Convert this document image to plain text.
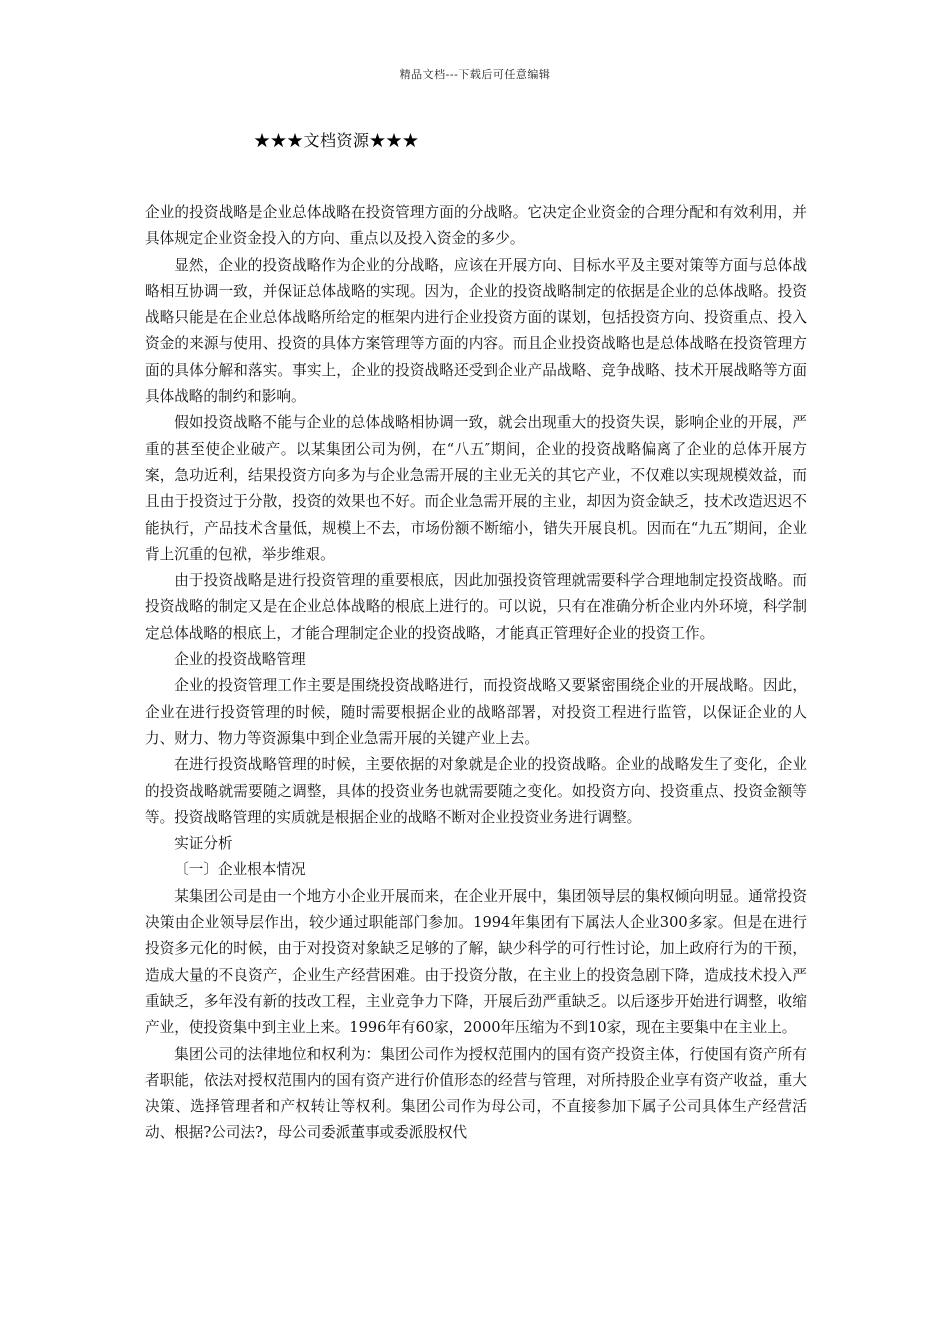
精品文档---下载后可任意编辑
★★★文档资源★★★

企业的投资战略是企业总体战略在投资管理方面的分战略。它决定企业资金的合理分配和有效利用，并具体规定企业资金投入的方向、重点以及投入资金的多少。

显然，企业的投资战略作为企业的分战略，应该在开展方向、目标水平及主要对策等方面与总体战略相互协调一致，并保证总体战略的实现。因为，企业的投资战略制定的依据是企业的总体战略。投资战略只能是在企业总体战略所给定的框架内进行企业投资方面的谋划，包括投资方向、投资重点、投入资金的来源与使用、投资的具体方案管理等方面的内容。而且企业投资战略也是总体战略在投资管理方面的具体分解和落实。事实上，企业的投资战略还受到企业产品战略、竞争战略、技术开展战略等方面具体战略的制约和影响。

假如投资战略不能与企业的总体战略相协调一致，就会出现重大的投资失误，影响企业的开展，严重的甚至使企业破产。以某集团公司为例，在“八五″期间，企业的投资战略偏离了企业的总体开展方案，急功近利，结果投资方向多为与企业急需开展的主业无关的其它产业，不仅难以实现规模效益，而且由于投资过于分散，投资的效果也不好。而企业急需开展的主业，却因为资金缺乏，技术改造迟迟不能执行，产品技术含量低，规模上不去，市场份额不断缩小，错失开展良机。因而在“九五″期间，企业背上沉重的包袱，举步维艰。

由于投资战略是进行投资管理的重要根底，因此加强投资管理就需要科学合理地制定投资战略。而投资战略的制定又是在企业总体战略的根底上进行的。可以说，只有在准确分析企业内外环境，科学制定总体战略的根底上，才能合理制定企业的投资战略，才能真正管理好企业的投资工作。

企业的投资战略管理

企业的投资管理工作主要是围绕投资战略进行，而投资战略又要紧密围绕企业的开展战略。因此，企业在进行投资管理的时候，随时需要根据企业的战略部署，对投资工程进行监管，以保证企业的人力、财力、物力等资源集中到企业急需开展的关键产业上去。

在进行投资战略管理的时候，主要依据的对象就是企业的投资战略。企业的战略发生了变化，企业的投资战略就需要随之调整，具体的投资业务也就需要随之变化。如投资方向、投资重点、投资金额等等。投资战略管理的实质就是根据企业的战略不断对企业投资业务进行调整。

实证分析

〔一〕企业根本情况

某集团公司是由一个地方小企业开展而来，在企业开展中，集团领导层的集权倾向明显。通常投资决策由企业领导层作出，较少通过职能部门参加。1994年集团有下属法人企业300多家。但是在进行投资多元化的时候，由于对投资对象缺乏足够的了解，缺少科学的可行性讨论，加上政府行为的干预，造成大量的不良资产，企业生产经营困难。由于投资分散，在主业上的投资急剧下降，造成技术投入严重缺乏，多年没有新的技改工程，主业竞争力下降，开展后劲严重缺乏。以后逐步开始进行调整，收缩产业，使投资集中到主业上来。1996年有60家，2000年压缩为不到10家，现在主要集中在主业上。

集团公司的法律地位和权利为：集团公司作为授权范围内的国有资产投资主体，行使国有资产所有者职能，依法对授权范围内的国有资产进行价值形态的经营与管理，对所持股企业享有资产收益，重大决策、选择管理者和产权转让等权利。集团公司作为母公司，不直接参加下属子公司具体生产经营活动、根据?公司法?，母公司委派董事或委派股权代
